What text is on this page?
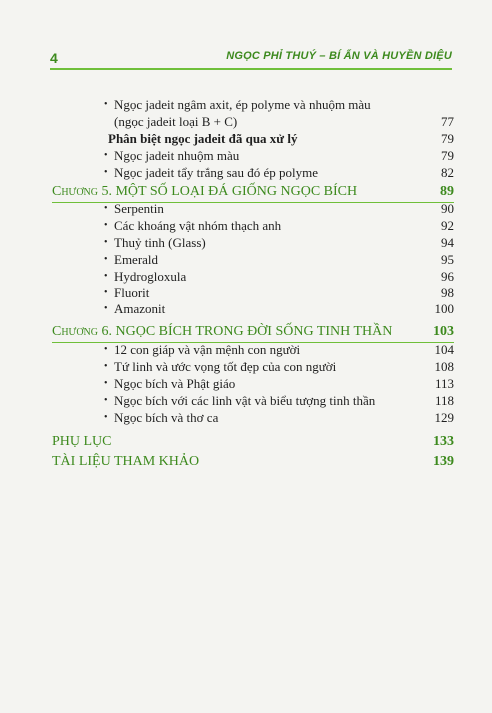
4	NGỌC PHỈ THUÝ – BÍ ẨN VÀ HUYỀN DIỆU
• Ngọc jadeit ngâm axit, ép polyme và nhuộm màu
(ngọc jadeit loại B + C)	77
Phân biệt ngọc jadeit đã qua xử lý	79
• Ngọc jadeit nhuộm màu	79
• Ngọc jadeit tẩy trắng sau đó ép polyme	82
Chương 5. MỘT SỐ LOẠI ĐÁ GIỐNG NGỌC BÍCH	89
• Serpentin	90
• Các khoáng vật nhóm thạch anh	92
• Thuỷ tinh (Glass)	94
• Emerald	95
• Hydrogloxula	96
• Fluorit	98
• Amazonit	100
Chương 6. NGỌC BÍCH TRONG ĐỜI SỐNG TINH THẦN	103
• 12 con giáp và vận mệnh con người	104
• Tứ linh và ước vọng tốt đẹp của con người	108
• Ngọc bích và Phật giáo	113
• Ngọc bích với các linh vật và biểu tượng tinh thần	118
• Ngọc bích và thơ ca	129
PHỤ LỤC	133
TÀI LIỆU THAM KHẢO	139
